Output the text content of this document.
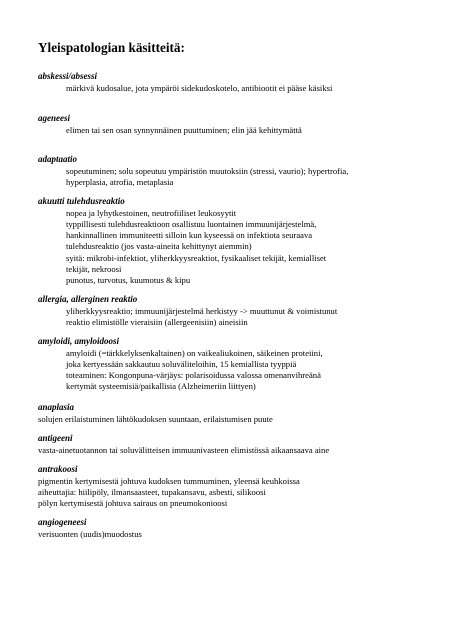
Yleispatologian käsitteitä:
abskessi/absessi
märkivä kudosalue, jota ympäröi sidekudoskotelo, antibiootit ei pääse käsiksi
ageneesi
elimen tai sen osan synnynnäinen puuttuminen; elin jää kehittymättä
adaptaatio
sopeutuminen; solu sopeutuu ympäristön muutoksiin (stressi, vaurio); hypertrofia,
hyperplasia, atrofia, metaplasia
akuutti tulehdusreaktio
nopea ja lyhytkestoinen, neutrofiiliset leukosyytit
typpillisesti tulehdusreaktioon osallistuu luontainen immuunijärjestelmä,
hankinnallinen immuniteetti silloin kun kyseessä on infektiota seuraava
tulehdusreaktio (jos vasta-aineita kehittynyt aiemmin)
syitä: mikrobi-infektiot, yliherkkyysreaktiot, fysikaaliset tekijät, kemialliset
tekijät, nekroosi
punotus, turvotus, kuumotus & kipu
allergia, allerginen reaktio
yliherkkyysreaktio; immuunijärjestelmä herkistyy -> muuttunut & voimistunut
reaktio elimistölle vieraisiin (allergeenisiin) aineisiin
amyloidi, amyloidoosi
amyloidi (=tärkkelyksenkaltainen) on vaikealiukoinen, säikeinen proteiini,
joka kertyessään sakkautuu soluväliteloihin, 15 kemiallista tyyppiä
toteaminen: Kongonpuna-värjäys: polarisoidussa valossa omenanvihreänä
kertymät systeemisiä/paikallisia (Alzheimeriin liittyen)
anaplasia
solujen erilaistuminen lähtökudoksen suuntaan, erilaistumisen puute
antigeeni
vasta-ainetuotannon tai soluvälitteisen immuunivasteen elimistössä aikaansaava aine
antrakoosi
pigmentin kertymisestä johtuva kudoksen tummuminen, yleensä keuhkoissa
aiheuttajia: hiilipöly, ilmansaasteet, tupakansavu, asbesti, silikoosi
pölyn kertymisestä johtuva sairaus on pneumokonioosi
angiogeneesi
verisuonten (uudis)muodostus
